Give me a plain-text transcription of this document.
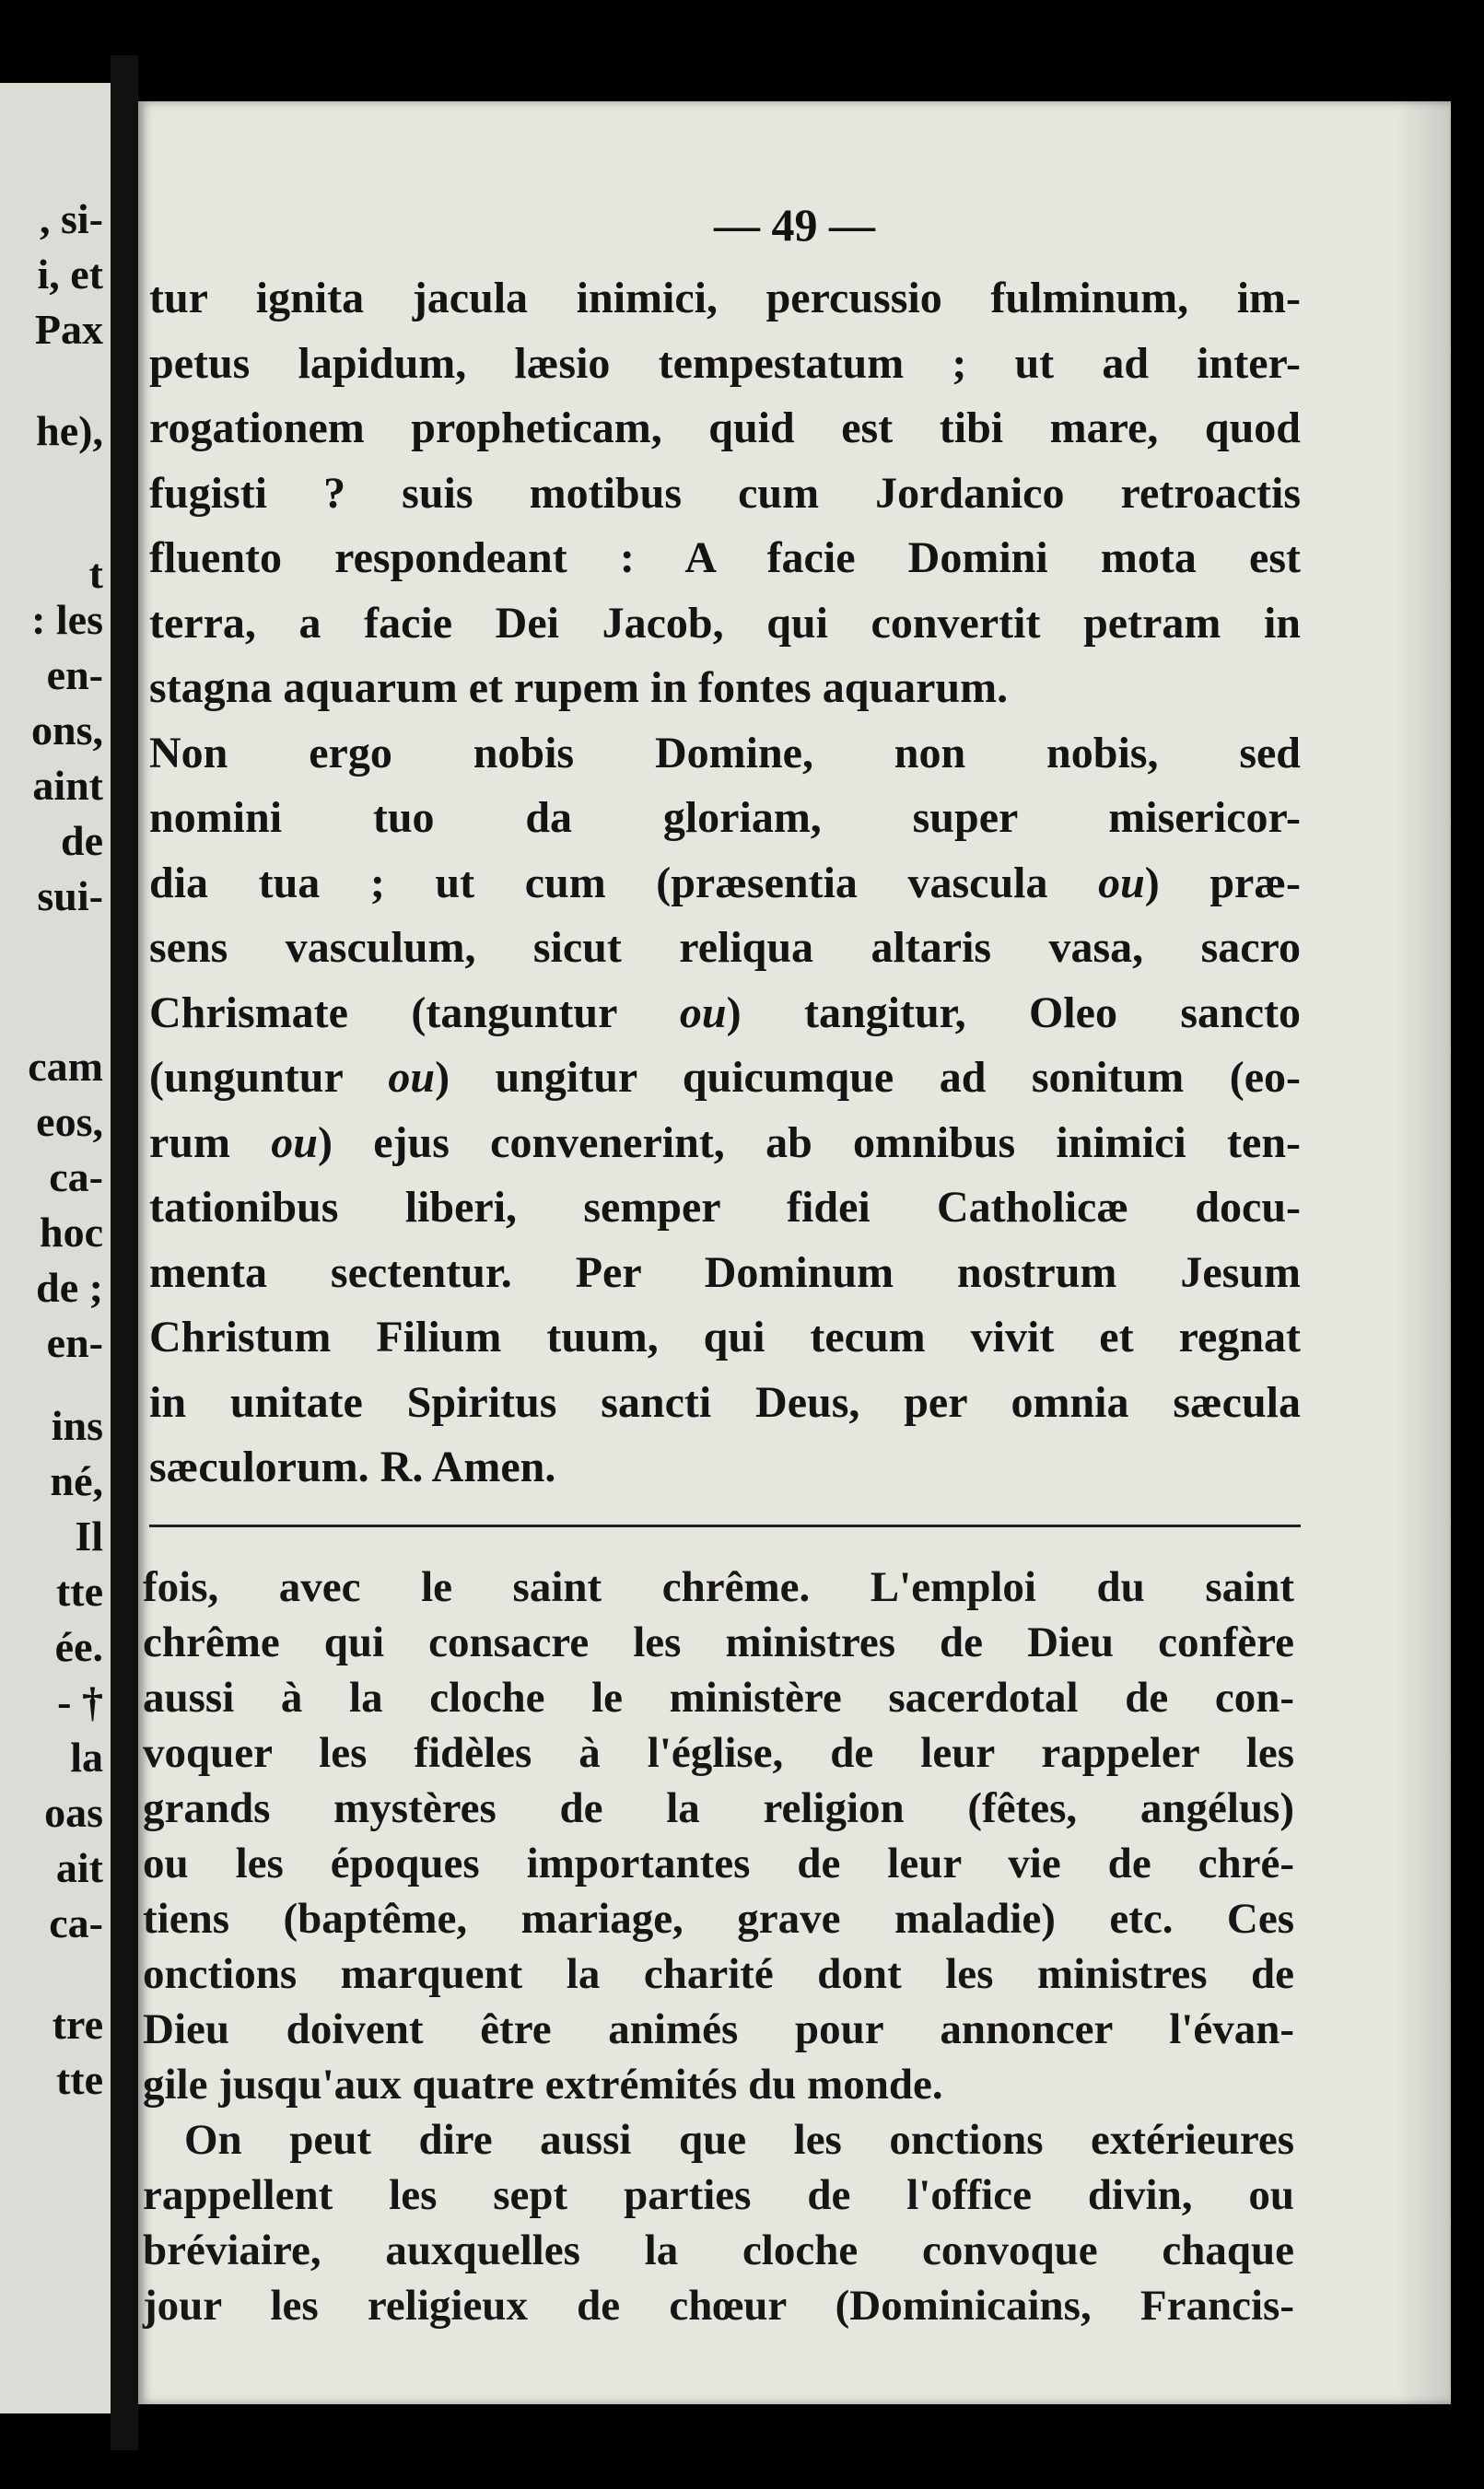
, si-
i, et
Pax
he),
t
: les
en-
ons,
aint
de
sui-
cam
eos,
ca-
hoc
de ;
en-
ins
né,
Il
tte
ée.
- †
la
oas
ait
ca-
tre
tte
— 49 —
tur ignita jacula inimici, percussio fulminum, im-
petus lapidum, læsio tempestatum ; ut ad inter-
rogationem propheticam, quid est tibi mare, quod
fugisti ? suis motibus cum Jordanico retroactis
fluento respondeant : A facie Domini mota est
terra, a facie Dei Jacob, qui convertit petram in
stagna aquarum et rupem in fontes aquarum.
Non ergo nobis Domine, non nobis, sed
nomini tuo da gloriam, super misericor-
dia tua ; ut cum (præsentia vascula ou) præ-
sens vasculum, sicut reliqua altaris vasa, sacro
Chrismate (tanguntur ou) tangitur, Oleo sancto
(unguntur ou) ungitur quicumque ad sonitum (eo-
rum ou) ejus convenerint, ab omnibus inimici ten-
tationibus liberi, semper fidei Catholicæ docu-
menta sectentur. Per Dominum nostrum Jesum
Christum Filium tuum, qui tecum vivit et regnat
in unitate Spiritus sancti Deus, per omnia sæcula
sæculorum. R. Amen.
fois, avec le saint chrême. L'emploi du saint
chrême qui consacre les ministres de Dieu confère
aussi à la cloche le ministère sacerdotal de con-
voquer les fidèles à l'église, de leur rappeler les
grands mystères de la religion (fêtes, angélus)
ou les époques importantes de leur vie de chré-
tiens (baptême, mariage, grave maladie) etc. Ces
onctions marquent la charité dont les ministres de
Dieu doivent être animés pour annoncer l'évan-
gile jusqu'aux quatre extrémités du monde.
On peut dire aussi que les onctions extérieures
rappellent les sept parties de l'office divin, ou
bréviaire, auxquelles la cloche convoque chaque
jour les religieux de chœur (Dominicains, Francis-
